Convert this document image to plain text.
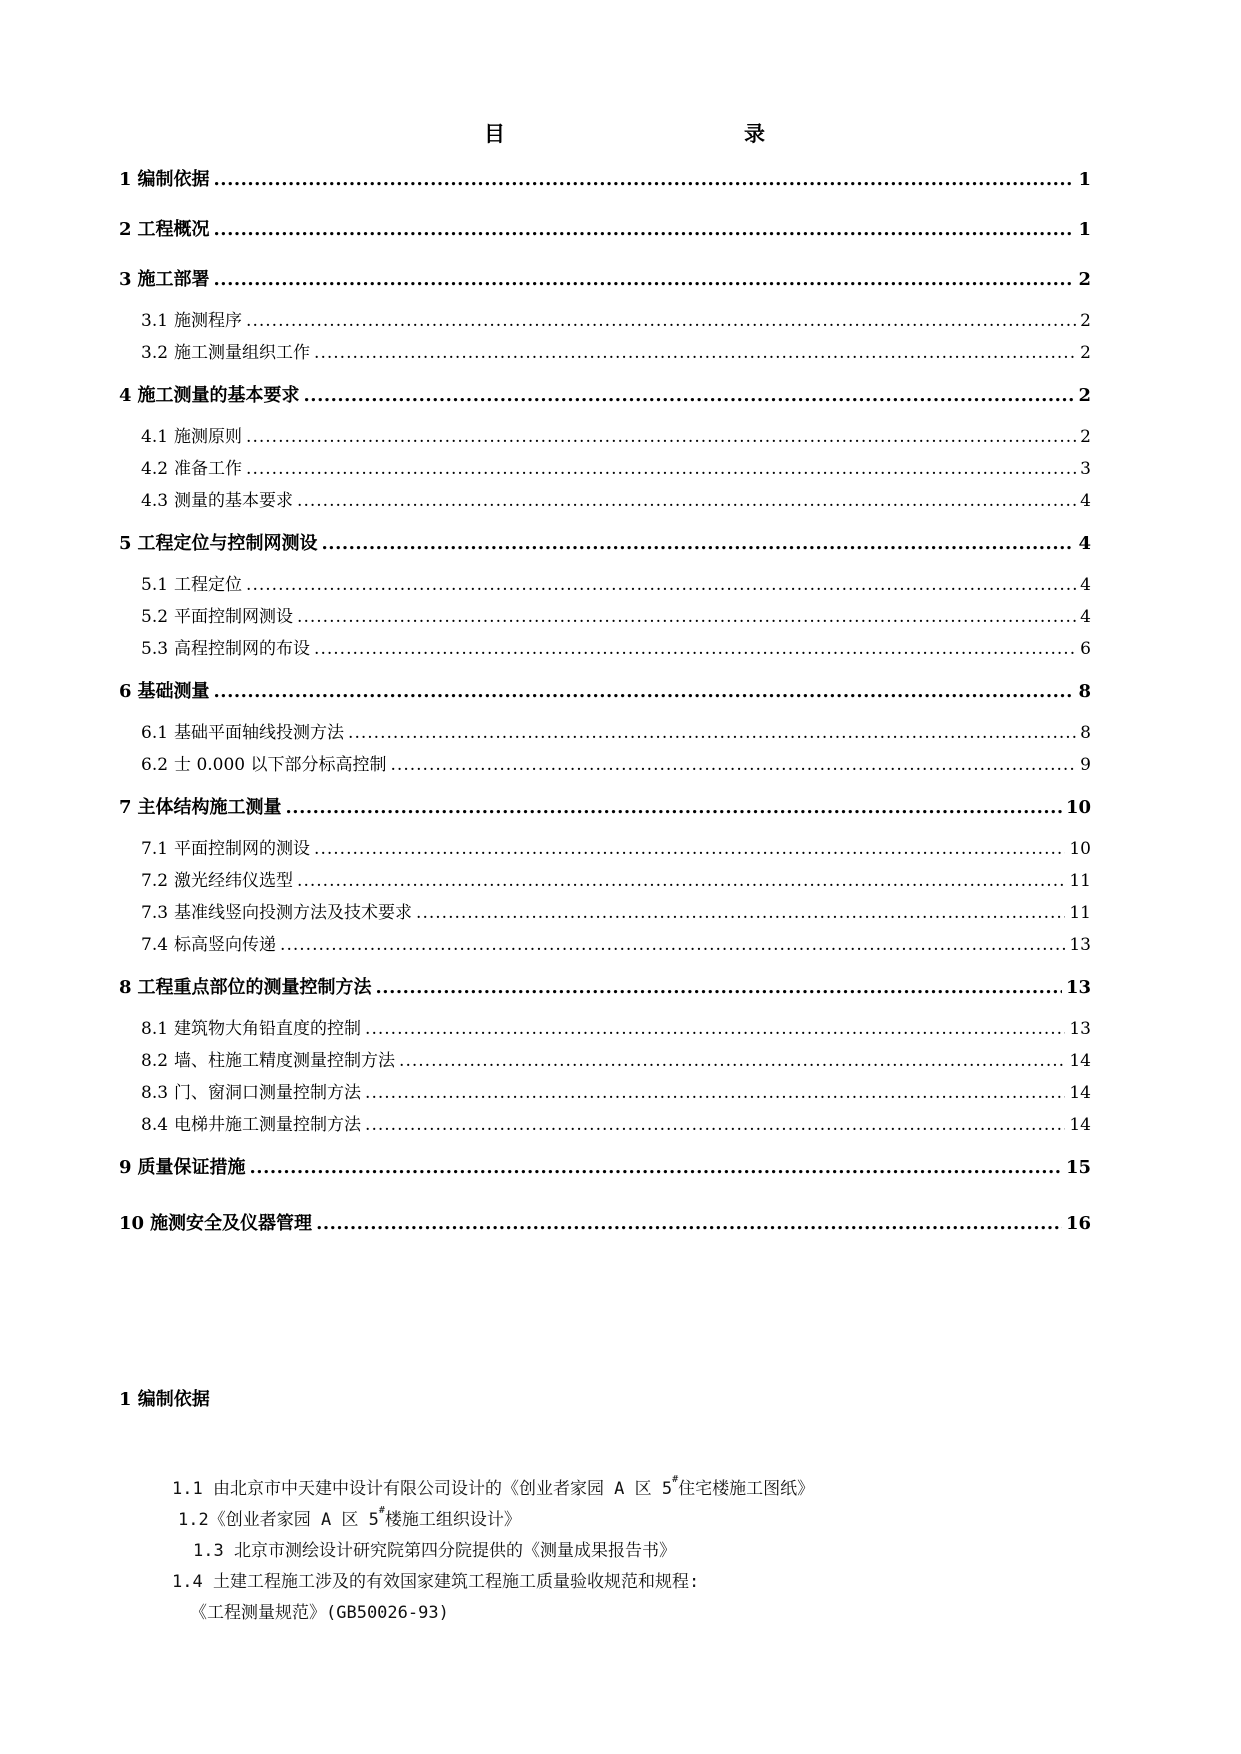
目	录
1 编制依据 .....	1
2 工程概况 .....	1
3 施工部署 .....	2
3.1 施测程序 .....	2
3.2 施工测量组织工作 .....	2
4 施工测量的基本要求 .....	2
4.1 施测原则 .....	2
4.2 准备工作 .....	3
4.3 测量的基本要求 .....	4
5 工程定位与控制网测设 .....	4
5.1 工程定位 .....	4
5.2 平面控制网测设 .....	4
5.3 高程控制网的布设 .....	6
6 基础测量 .....	8
6.1 基础平面轴线投测方法 .....	8
6.2 士 0.000 以下部分标高控制 .....	9
7 主体结构施工测量 .....	10
7.1 平面控制网的测设 .....	10
7.2 激光经纬仪选型 .....	11
7.3 基准线竖向投测方法及技术要求 .....	11
7.4 标高竖向传递 .....	13
8 工程重点部位的测量控制方法 .....	13
8.1 建筑物大角铅直度的控制 .....	13
8.2 墙、柱施工精度测量控制方法 .....	14
8.3 门、窗洞口测量控制方法 .....	14
8.4 电梯井施工测量控制方法 .....	14
9 质量保证措施 .....	15
10 施测安全及仪器管理 .....	16
1 编制依据
1.1 由北京市中天建中设计有限公司设计的《创业者家园 A 区 5#住宅楼施工图纸》
1.2《创业者家园 A 区 5#楼施工组织设计》
1.3 北京市测绘设计研究院第四分院提供的《测量成果报告书》
1.4 土建工程施工涉及的有效国家建筑工程施工质量验收规范和规程:
《工程测量规范》(GB50026-93)
